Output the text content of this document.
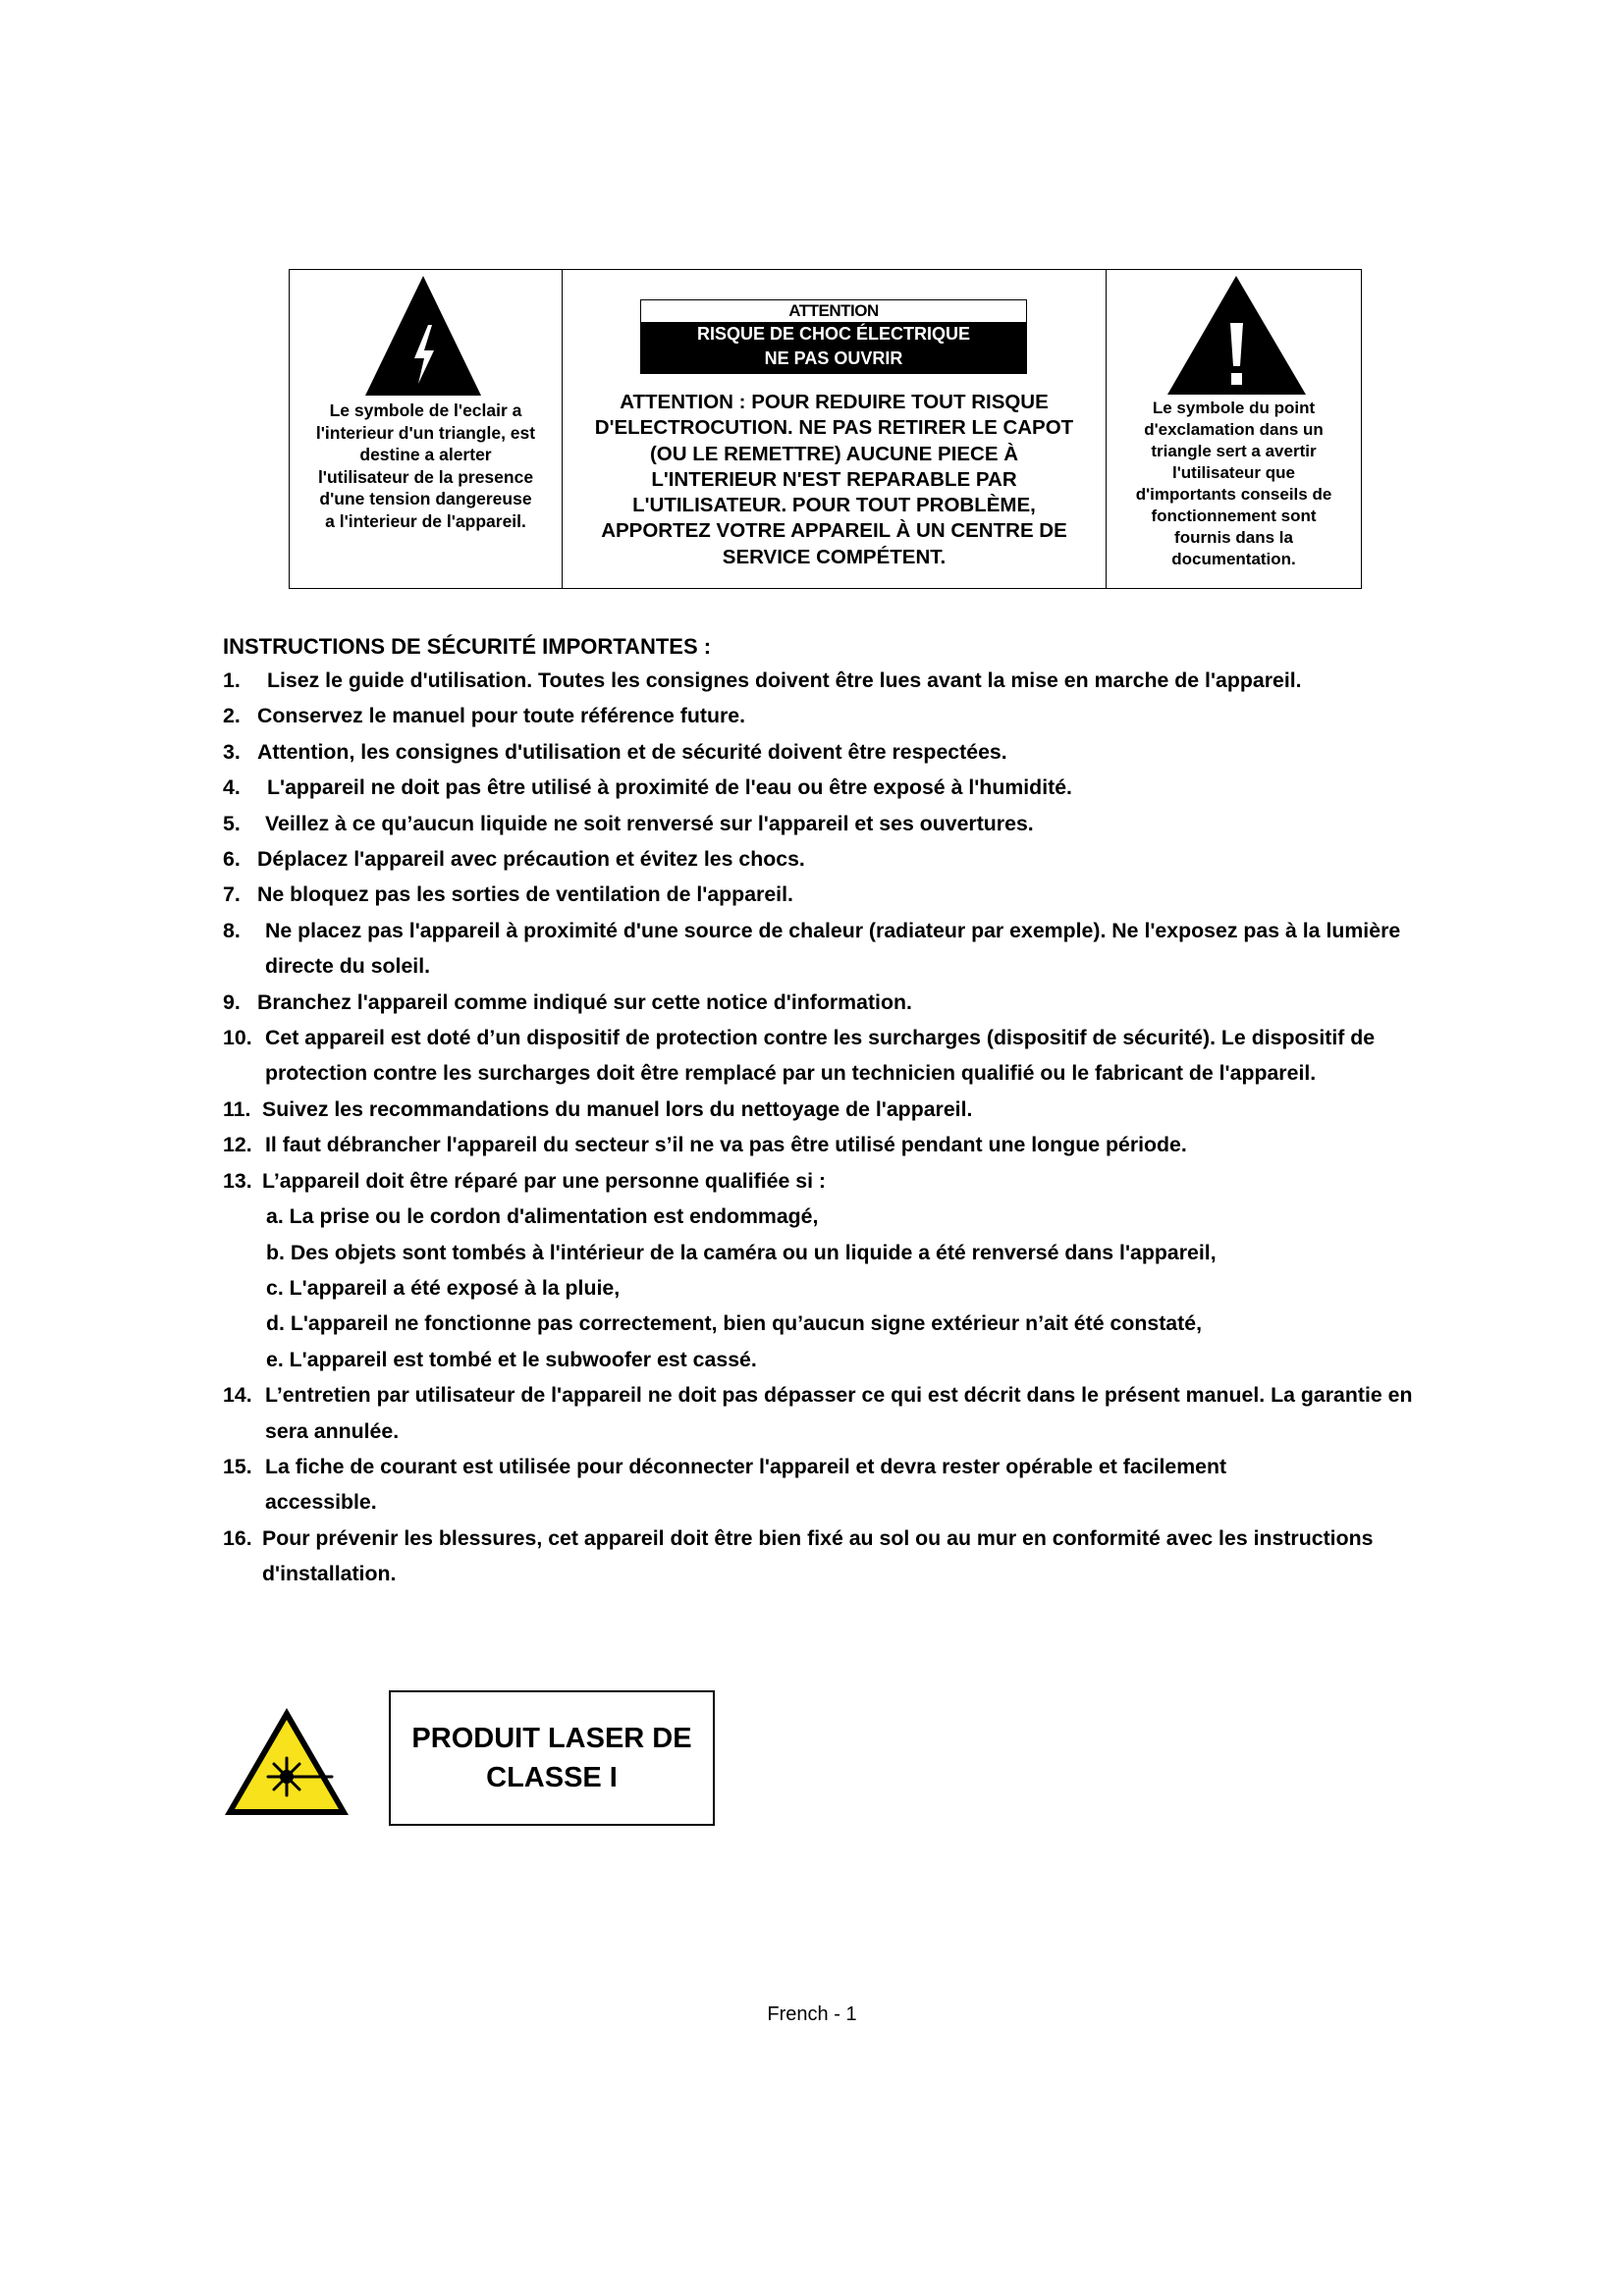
Le symbole de l'eclair a
l'interieur d'un triangle, est
destine a alerter
l'utilisateur de la presence
d'une tension dangereuse
a l'interieur de l'appareil.
ATTENTION
RISQUE DE CHOC ÉLECTRIQUE
NE PAS OUVRIR
ATTENTION : POUR REDUIRE TOUT RISQUE
D'ELECTROCUTION. NE PAS RETIRER LE CAPOT
(OU LE REMETTRE) AUCUNE PIECE À
L'INTERIEUR N'EST REPARABLE PAR
L'UTILISATEUR. POUR TOUT PROBLÈME,
APPORTEZ VOTRE APPAREIL À UN CENTRE DE
SERVICE COMPÉTENT.
Le symbole du point
d'exclamation dans un
triangle sert a avertir
l'utilisateur que
d'importants conseils de
fonctionnement sont
fournis dans la
documentation.
INSTRUCTIONS DE SÉCURITÉ IMPORTANTES :
1.	Lisez le guide d'utilisation. Toutes les consignes doivent être lues avant la mise en marche de l'appareil.
2. Conservez le manuel pour toute référence future.
3. Attention, les consignes d'utilisation et de sécurité doivent être respectées.
4.	L'appareil ne doit pas être utilisé à proximité de l'eau ou être exposé à l'humidité.
5.	Veillez à ce qu’aucun liquide ne soit renversé sur l'appareil et ses ouvertures.
6. Déplacez l'appareil avec précaution et évitez les chocs.
7. Ne bloquez pas les sorties de ventilation de l'appareil.
8.	Ne placez pas l'appareil à proximité d'une source de chaleur (radiateur par exemple). Ne l'exposez pas à la lumière directe du soleil.
9. Branchez l'appareil comme indiqué sur cette notice d'information.
10. Cet appareil est doté d’un dispositif de protection contre les surcharges (dispositif de sécurité). Le dispositif de protection contre les surcharges doit être remplacé par un technicien qualifié ou le fabricant de l'appareil.
11. Suivez les recommandations du manuel lors du nettoyage de l'appareil.
12. Il faut débrancher l'appareil du secteur s’il ne va pas être utilisé pendant une longue période.
13. L’appareil doit être réparé par une personne qualifiée si :
a. La prise ou le cordon d'alimentation est endommagé,
b. Des objets sont tombés à l'intérieur de la caméra ou un liquide a été renversé dans l'appareil,
c. L'appareil a été exposé à la pluie,
d. L'appareil ne fonctionne pas correctement, bien qu’aucun signe extérieur n’ait été constaté,
e. L'appareil est tombé et le subwoofer est cassé.
14. L’entretien par utilisateur de l'appareil ne doit pas dépasser ce qui est décrit dans le présent manuel. La garantie en sera annulée.
15. La fiche de courant est utilisée pour déconnecter l'appareil et devra rester opérable et facilement accessible.
16. Pour prévenir les blessures, cet appareil doit être bien fixé au sol ou au mur en conformité avec les instructions d'installation.
PRODUIT LASER DE
CLASSE I
French - 1
